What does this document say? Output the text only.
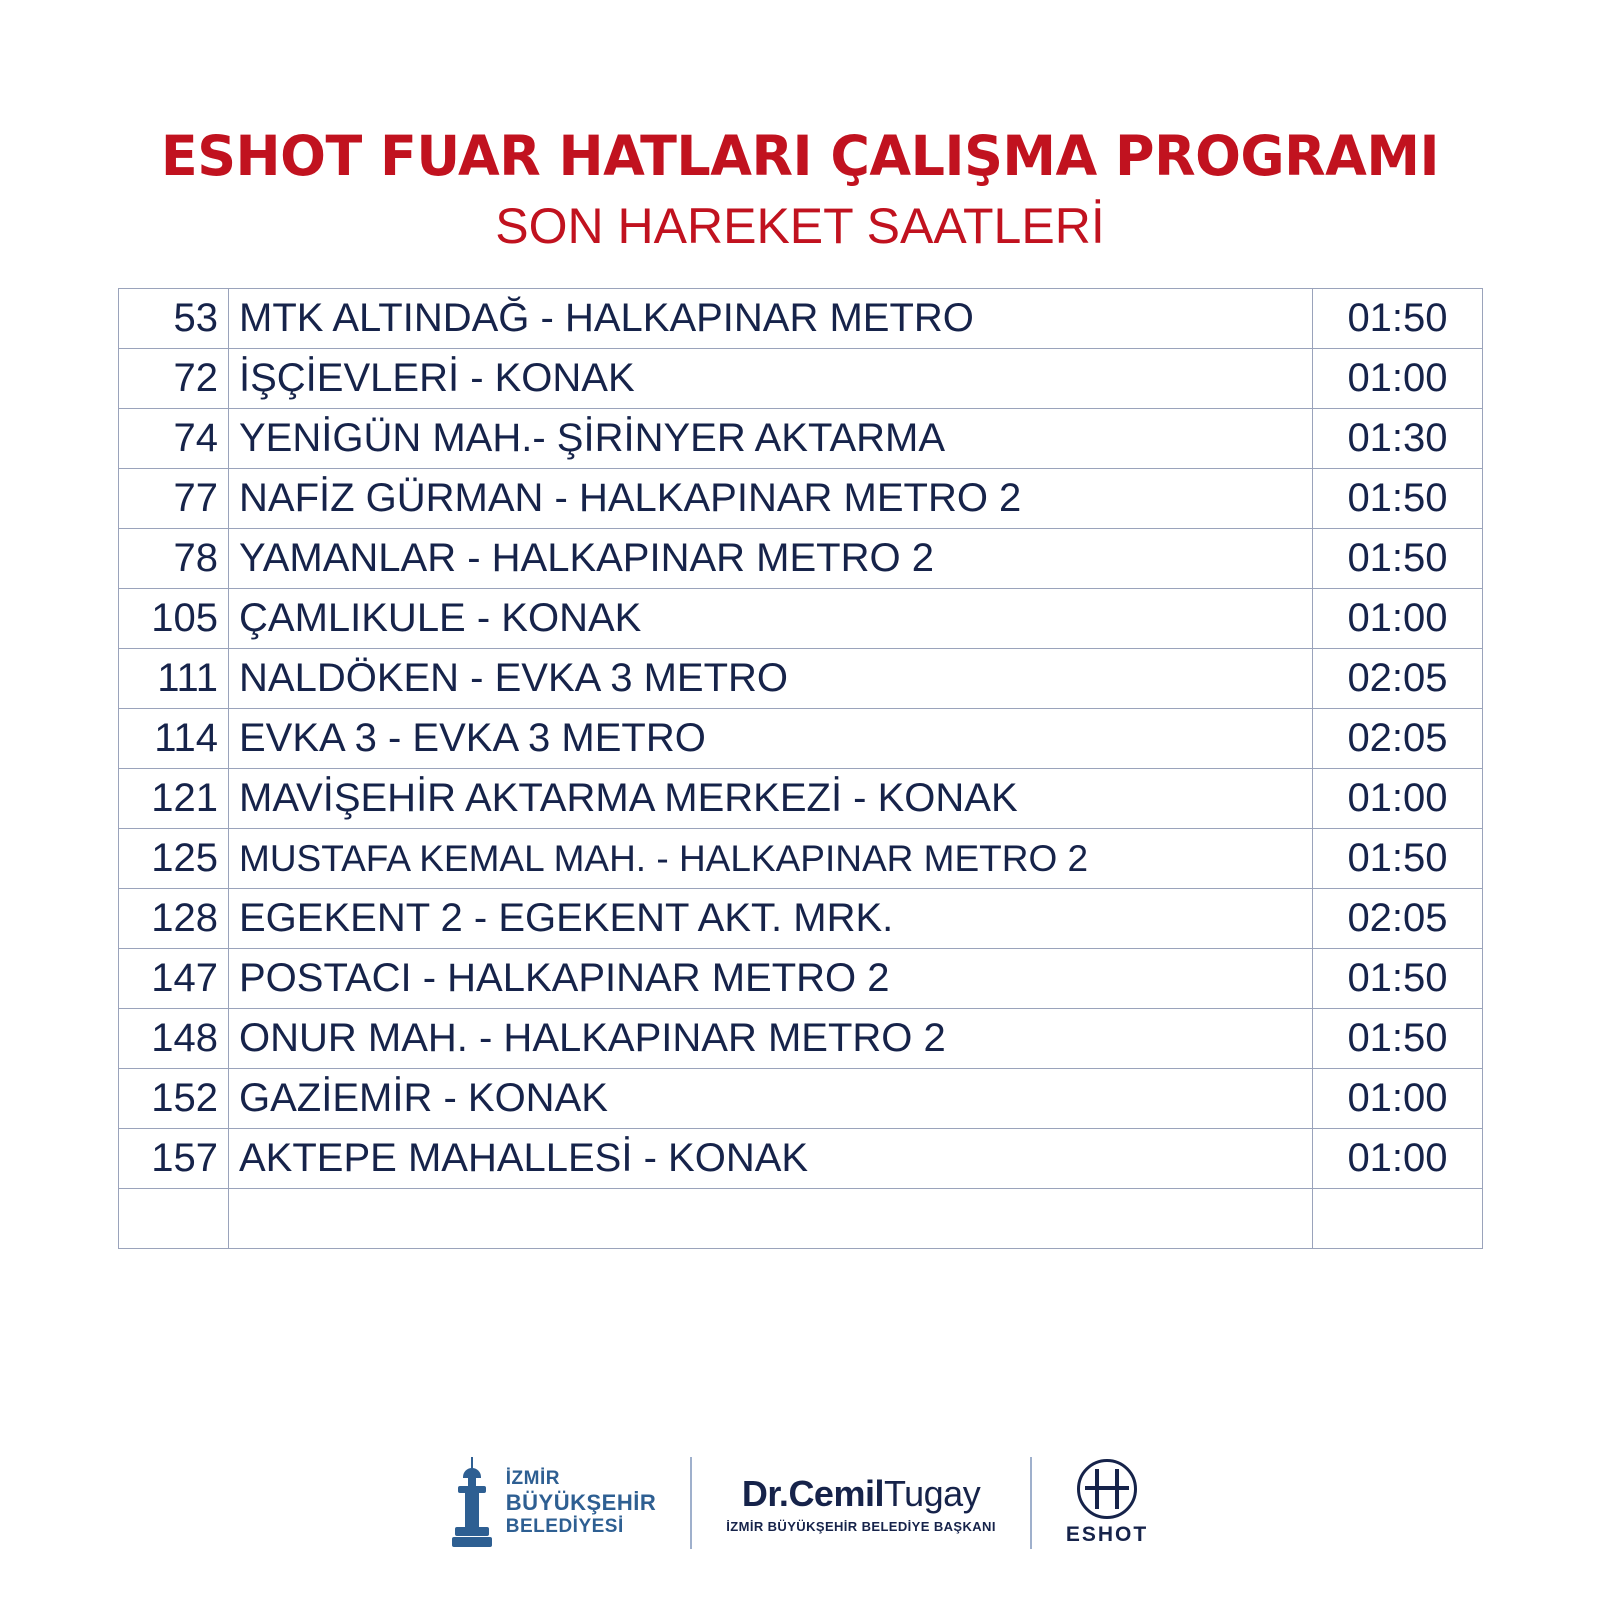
ESHOT FUAR HATLARI ÇALIŞMA PROGRAMI
SON HAREKET SAATLERİ
53	MTK ALTINDAĞ - HALKAPINAR METRO	01:50
72	İŞÇİEVLERİ - KONAK	01:00
74	YENİGÜN MAH.- ŞİRİNYER AKTARMA	01:30
77	NAFİZ GÜRMAN - HALKAPINAR METRO 2	01:50
78	YAMANLAR - HALKAPINAR METRO 2	01:50
105	ÇAMLIKULE - KONAK	01:00
111	NALDÖKEN - EVKA 3 METRO	02:05
114	EVKA 3 - EVKA 3 METRO	02:05
121	MAVİŞEHİR AKTARMA MERKEZİ - KONAK	01:00
125	MUSTAFA KEMAL MAH. - HALKAPINAR METRO 2	01:50
128	EGEKENT 2 - EGEKENT AKT. MRK.	02:05
147	POSTACI - HALKAPINAR METRO 2	01:50
148	ONUR MAH. - HALKAPINAR METRO 2	01:50
152	GAZİEMİR - KONAK	01:00
157	AKTEPE MAHALLESİ - KONAK	01:00

İZMİR
BÜYÜKŞEHİR
BELEDİYESİ
Dr.CemilTugay
İZMİR BÜYÜKŞEHİR BELEDİYE BAŞKANI	ESHOT
